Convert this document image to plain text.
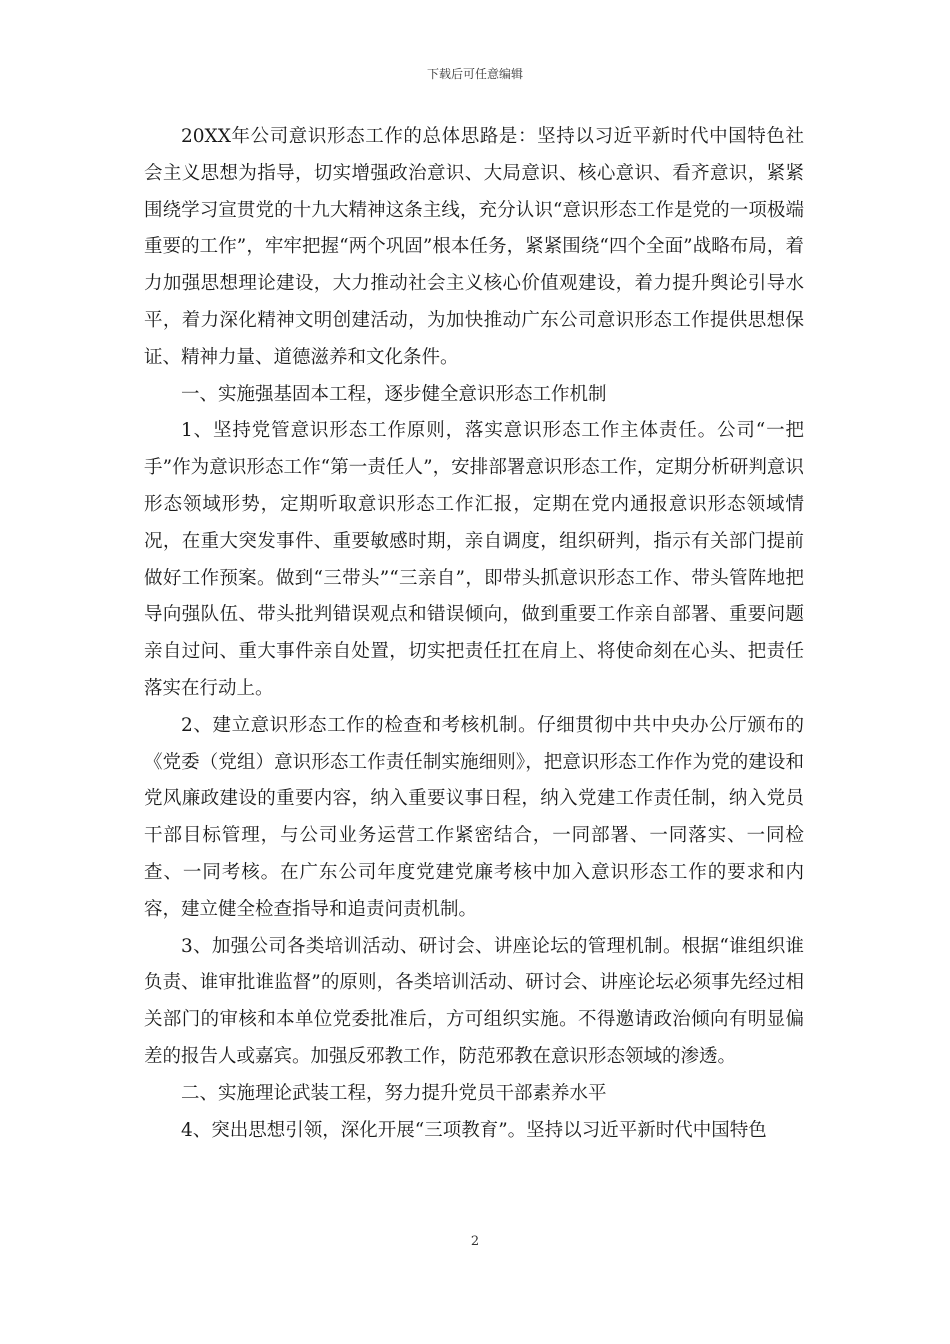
下载后可任意编辑

20XX年公司意识形态工作的总体思路是：坚持以习近平新时代中国特色社会主义思想为指导，切实增强政治意识、大局意识、核心意识、看齐意识，紧紧围绕学习宣贯党的十九大精神这条主线，充分认识“意识形态工作是党的一项极端重要的工作”，牢牢把握“两个巩固”根本任务，紧紧围绕“四个全面”战略布局，着力加强思想理论建设，大力推动社会主义核心价值观建设，着力提升舆论引导水平，着力深化精神文明创建活动，为加快推动广东公司意识形态工作提供思想保证、精神力量、道德滋养和文化条件。

一、实施强基固本工程，逐步健全意识形态工作机制

1、坚持党管意识形态工作原则，落实意识形态工作主体责任。公司“一把手”作为意识形态工作“第一责任人”，安排部署意识形态工作，定期分析研判意识形态领域形势，定期听取意识形态工作汇报，定期在党内通报意识形态领域情况，在重大突发事件、重要敏感时期，亲自调度，组织研判，指示有关部门提前做好工作预案。做到“三带头”“三亲自”，即带头抓意识形态工作、带头管阵地把导向强队伍、带头批判错误观点和错误倾向，做到重要工作亲自部署、重要问题亲自过问、重大事件亲自处置，切实把责任扛在肩上、将使命刻在心头、把责任落实在行动上。

2、建立意识形态工作的检查和考核机制。仔细贯彻中共中央办公厅颁布的《党委（党组）意识形态工作责任制实施细则》，把意识形态工作作为党的建设和党风廉政建设的重要内容，纳入重要议事日程，纳入党建工作责任制，纳入党员干部目标管理，与公司业务运营工作紧密结合，一同部署、一同落实、一同检查、一同考核。在广东公司年度党建党廉考核中加入意识形态工作的要求和内容，建立健全检查指导和追责问责机制。

3、加强公司各类培训活动、研讨会、讲座论坛的管理机制。根据“谁组织谁负责、谁审批谁监督”的原则，各类培训活动、研讨会、讲座论坛必须事先经过相关部门的审核和本单位党委批准后，方可组织实施。不得邀请政治倾向有明显偏差的报告人或嘉宾。加强反邪教工作，防范邪教在意识形态领域的渗透。

二、实施理论武装工程，努力提升党员干部素养水平

4、突出思想引领，深化开展“三项教育”。坚持以习近平新时代中国特色

2
